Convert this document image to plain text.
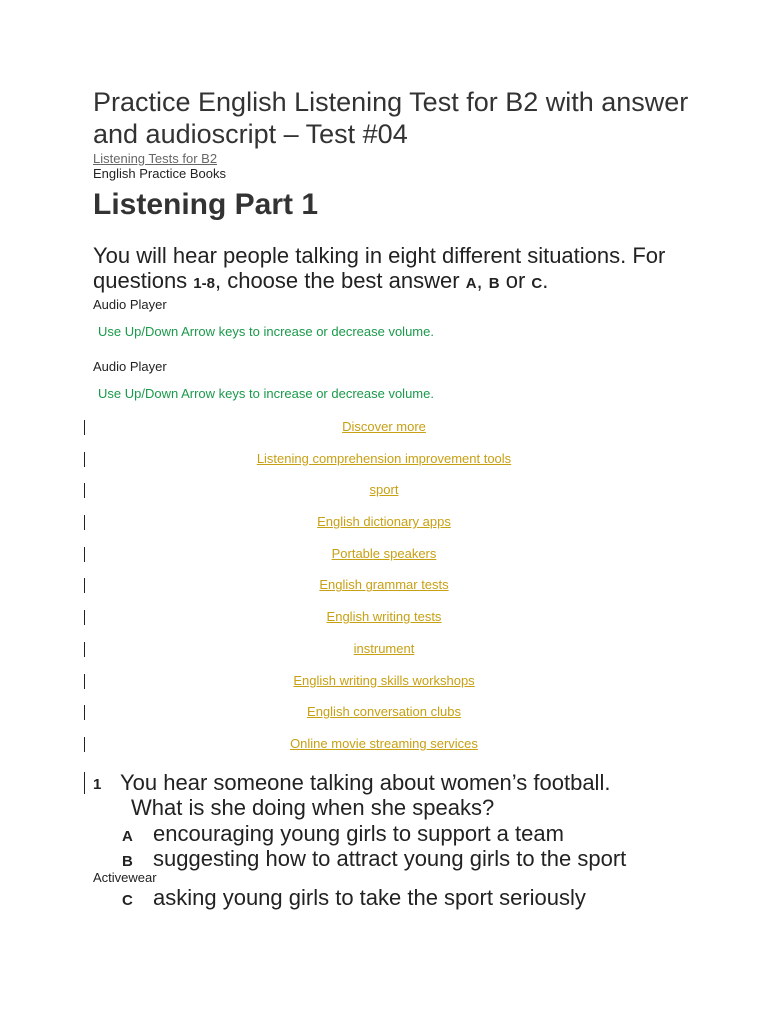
Practice English Listening Test for B2 with answer and audioscript – Test #04
Listening Tests for B2
English Practice Books
Listening Part 1
You will hear people talking in eight different situations. For questions 1-8, choose the best answer A, B or C.
Audio Player
Use Up/Down Arrow keys to increase or decrease volume.
Audio Player
Use Up/Down Arrow keys to increase or decrease volume.
Discover more
Listening comprehension improvement tools
sport
English dictionary apps
Portable speakers
English grammar tests
English writing tests
instrument
English writing skills workshops
English conversation clubs
Online movie streaming services
1 You hear someone talking about women’s football.
What is she doing when she speaks?
A encouraging young girls to support a team
B suggesting how to attract young girls to the sport
Activewear
C asking young girls to take the sport seriously
